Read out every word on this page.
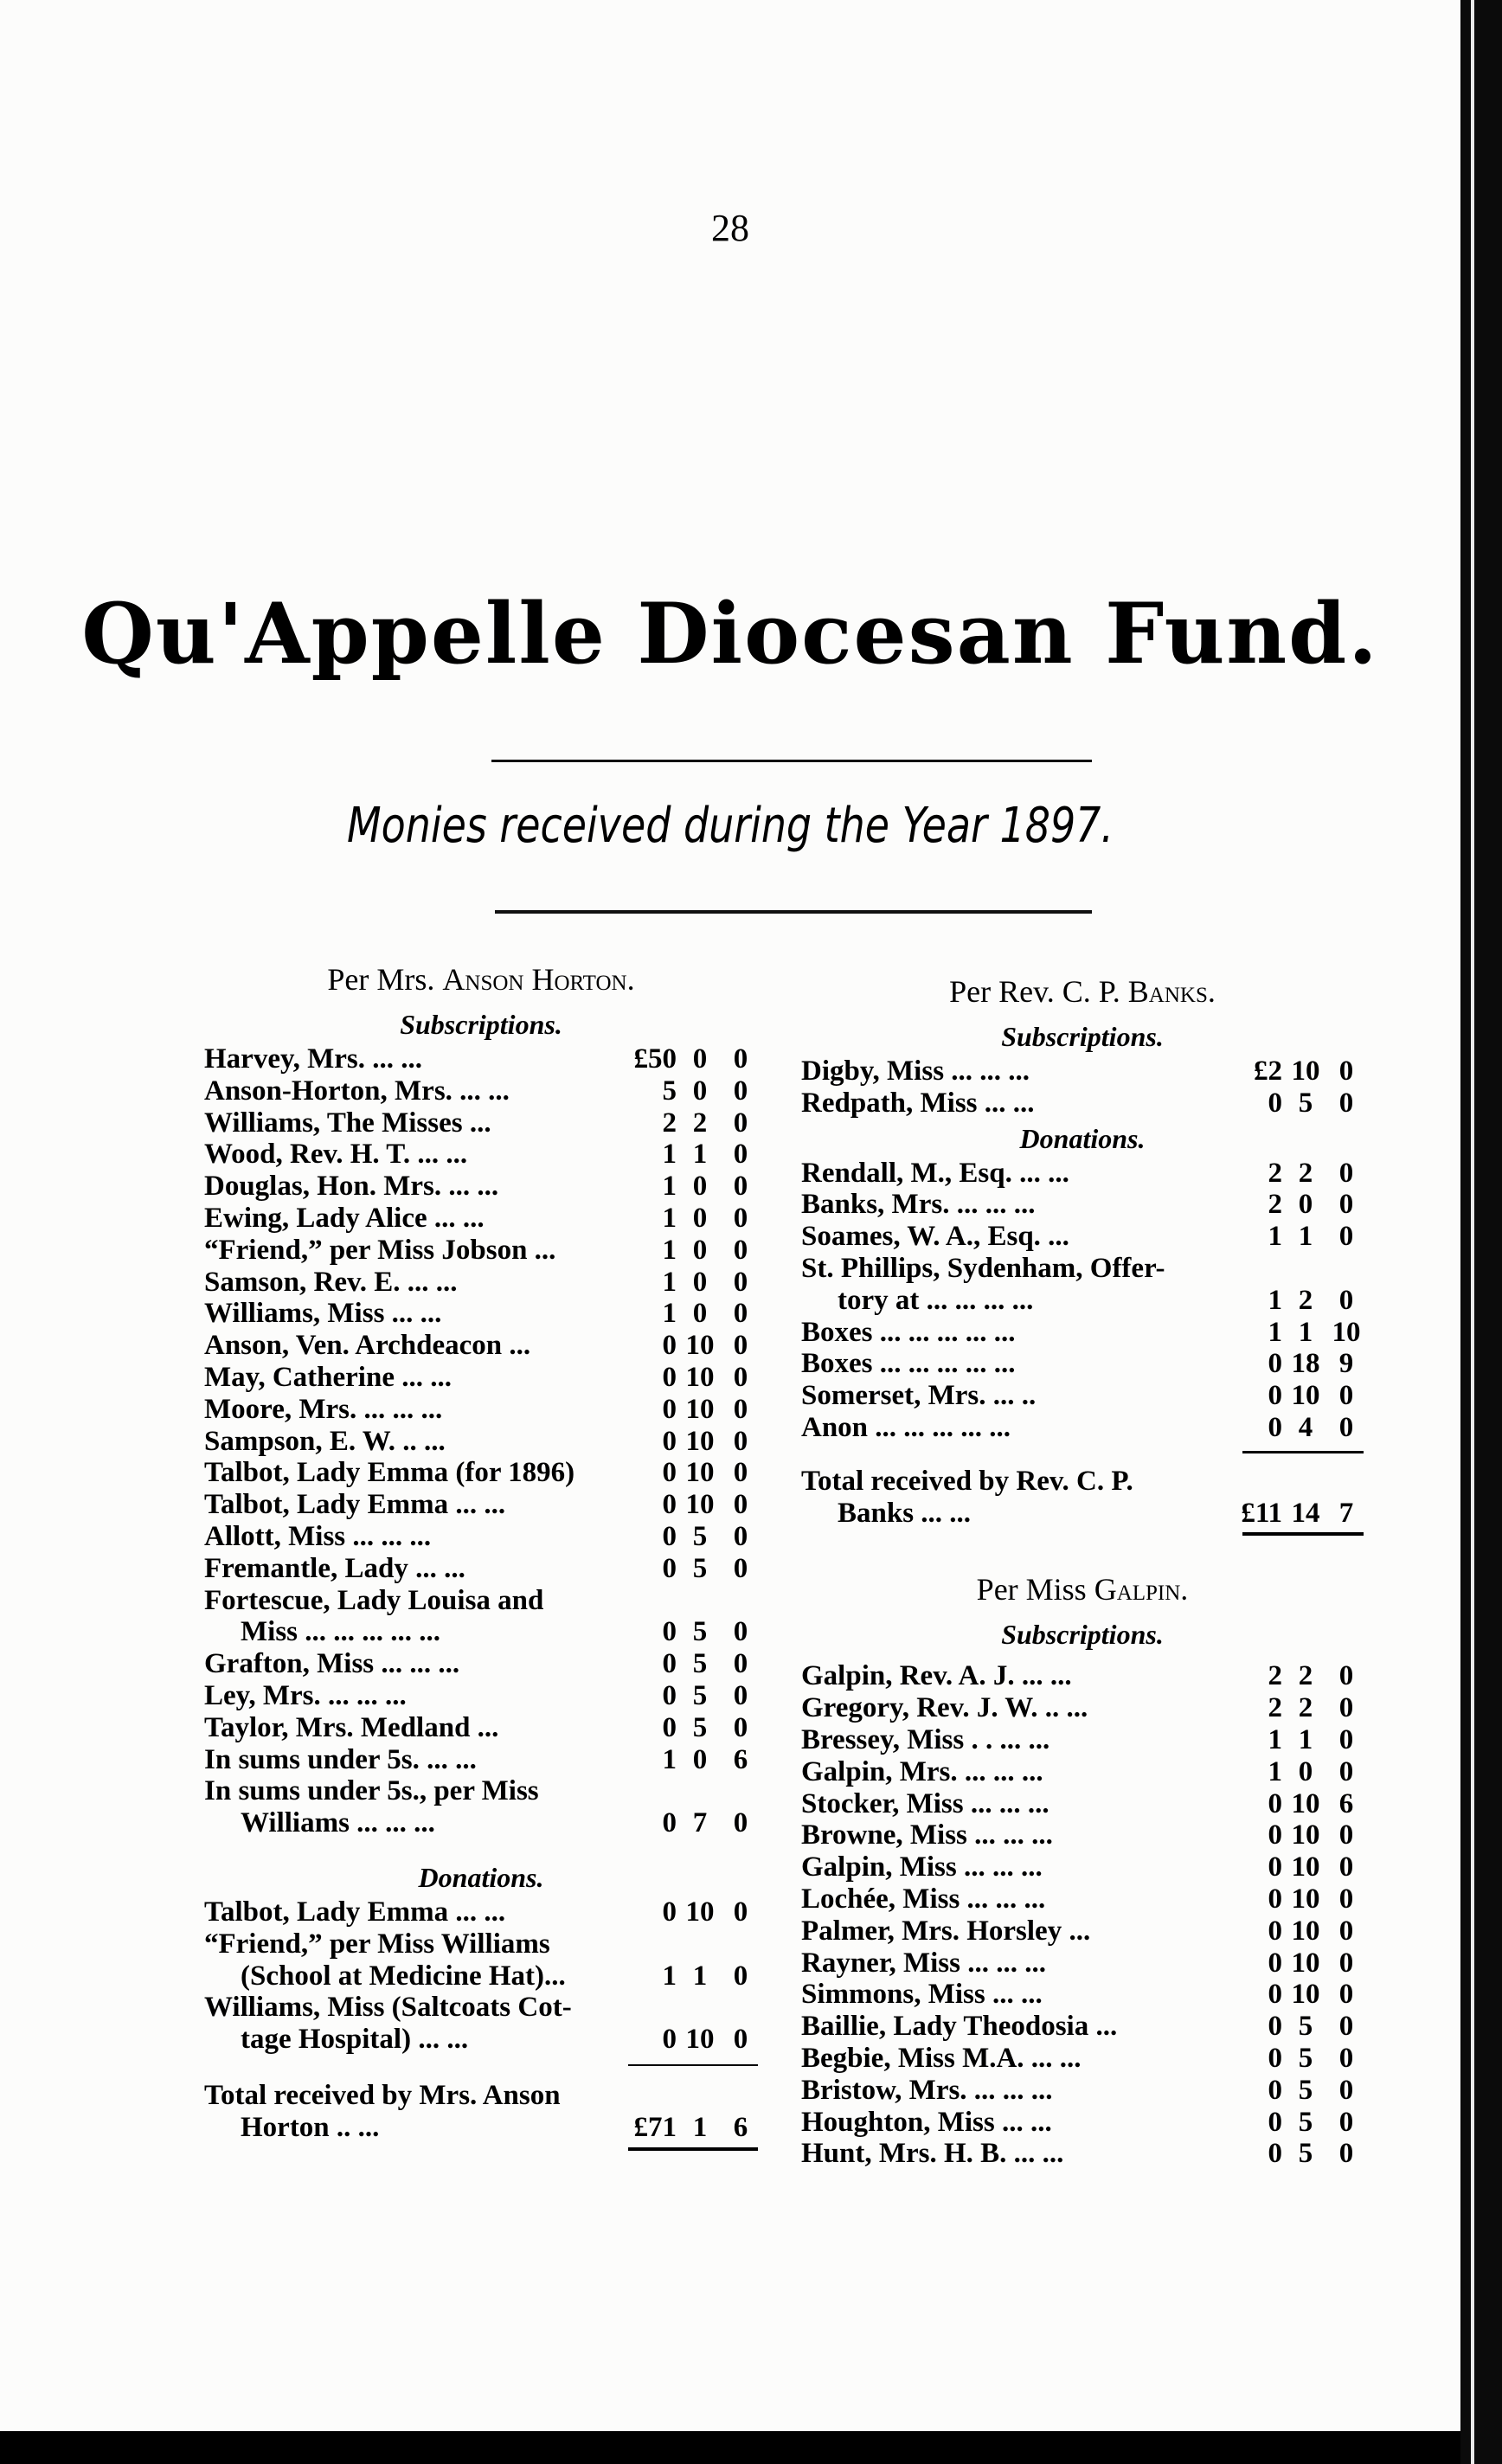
28
Qu'Appelle Diocesan Fund.
Monies received during the Year 1897.
Per Mrs. Anson Horton.
Subscriptions.
Harvey, Mrs. ... ...	£50 0 0
Anson-Horton, Mrs. ... ...	5 0 0
Williams, The Misses ...	2 2 0
Wood, Rev. H. T. ... ...	1 1 0
Douglas, Hon. Mrs. ... ...	1 0 0
Ewing, Lady Alice ... ...	1 0 0
“Friend,” per Miss Jobson ...	1 0 0
Samson, Rev. E. ... ...	1 0 0
Williams, Miss ... ...	1 0 0
Anson, Ven. Archdeacon ...	0 10 0
May, Catherine ... ...	0 10 0
Moore, Mrs. ... ... ...	0 10 0
Sampson, E. W. .. ...	0 10 0
Talbot, Lady Emma (for 1896)	0 10 0
Talbot, Lady Emma ... ...	0 10 0
Allott, Miss ... ... ...	0 5 0
Fremantle, Lady ... ...	0 5 0
Fortescue, Lady Louisa and
Miss ... ... ... ... ...	0 5 0
Grafton, Miss ... ... ...	0 5 0
Ley, Mrs. ... ... ...	0 5 0
Taylor, Mrs. Medland ...	0 5 0
In sums under 5s. ... ...	1 0 6
In sums under 5s., per Miss
Williams ... ... ...	0 7 0
Donations.
Talbot, Lady Emma ... ...	0 10 0
“Friend,” per Miss Williams
(School at Medicine Hat)...	1 1 0
Williams, Miss (Saltcoats Cot-
tage Hospital) ... ...	0 10 0
Total received by Mrs. Anson
Horton .. ...	£71 1 6
Per Rev. C. P. Banks.
Subscriptions.
Digby, Miss ... ... ...	£2 10 0
Redpath, Miss ... ...	0 5 0
Donations.
Rendall, M., Esq. ... ...	2 2 0
Banks, Mrs. ... ... ...	2 0 0
Soames, W. A., Esq. ...	1 1 0
St. Phillips, Sydenham, Offer-
tory at ... ... ... ...	1 2 0
Boxes ... ... ... ... ...	1 1 10
Boxes ... ... ... ... ...	0 18 9
Somerset, Mrs. ... ..	0 10 0
Anon ... ... ... ... ...	0 4 0
Total received by Rev. C. P.
Banks ... ...	£11 14 7
Per Miss Galpin.
Subscriptions.
Galpin, Rev. A. J. ... ...	2 2 0
Gregory, Rev. J. W. .. ...	2 2 0
Bressey, Miss . . ... ...	1 1 0
Galpin, Mrs. ... ... ...	1 0 0
Stocker, Miss ... ... ...	0 10 6
Browne, Miss ... ... ...	0 10 0
Galpin, Miss ... ... ...	0 10 0
Lochée, Miss ... ... ...	0 10 0
Palmer, Mrs. Horsley ...	0 10 0
Rayner, Miss ... ... ...	0 10 0
Simmons, Miss ... ...	0 10 0
Baillie, Lady Theodosia ...	0 5 0
Begbie, Miss M.A. ... ...	0 5 0
Bristow, Mrs. ... ... ...	0 5 0
Houghton, Miss ... ...	0 5 0
Hunt, Mrs. H. B. ... ...	0 5 0
